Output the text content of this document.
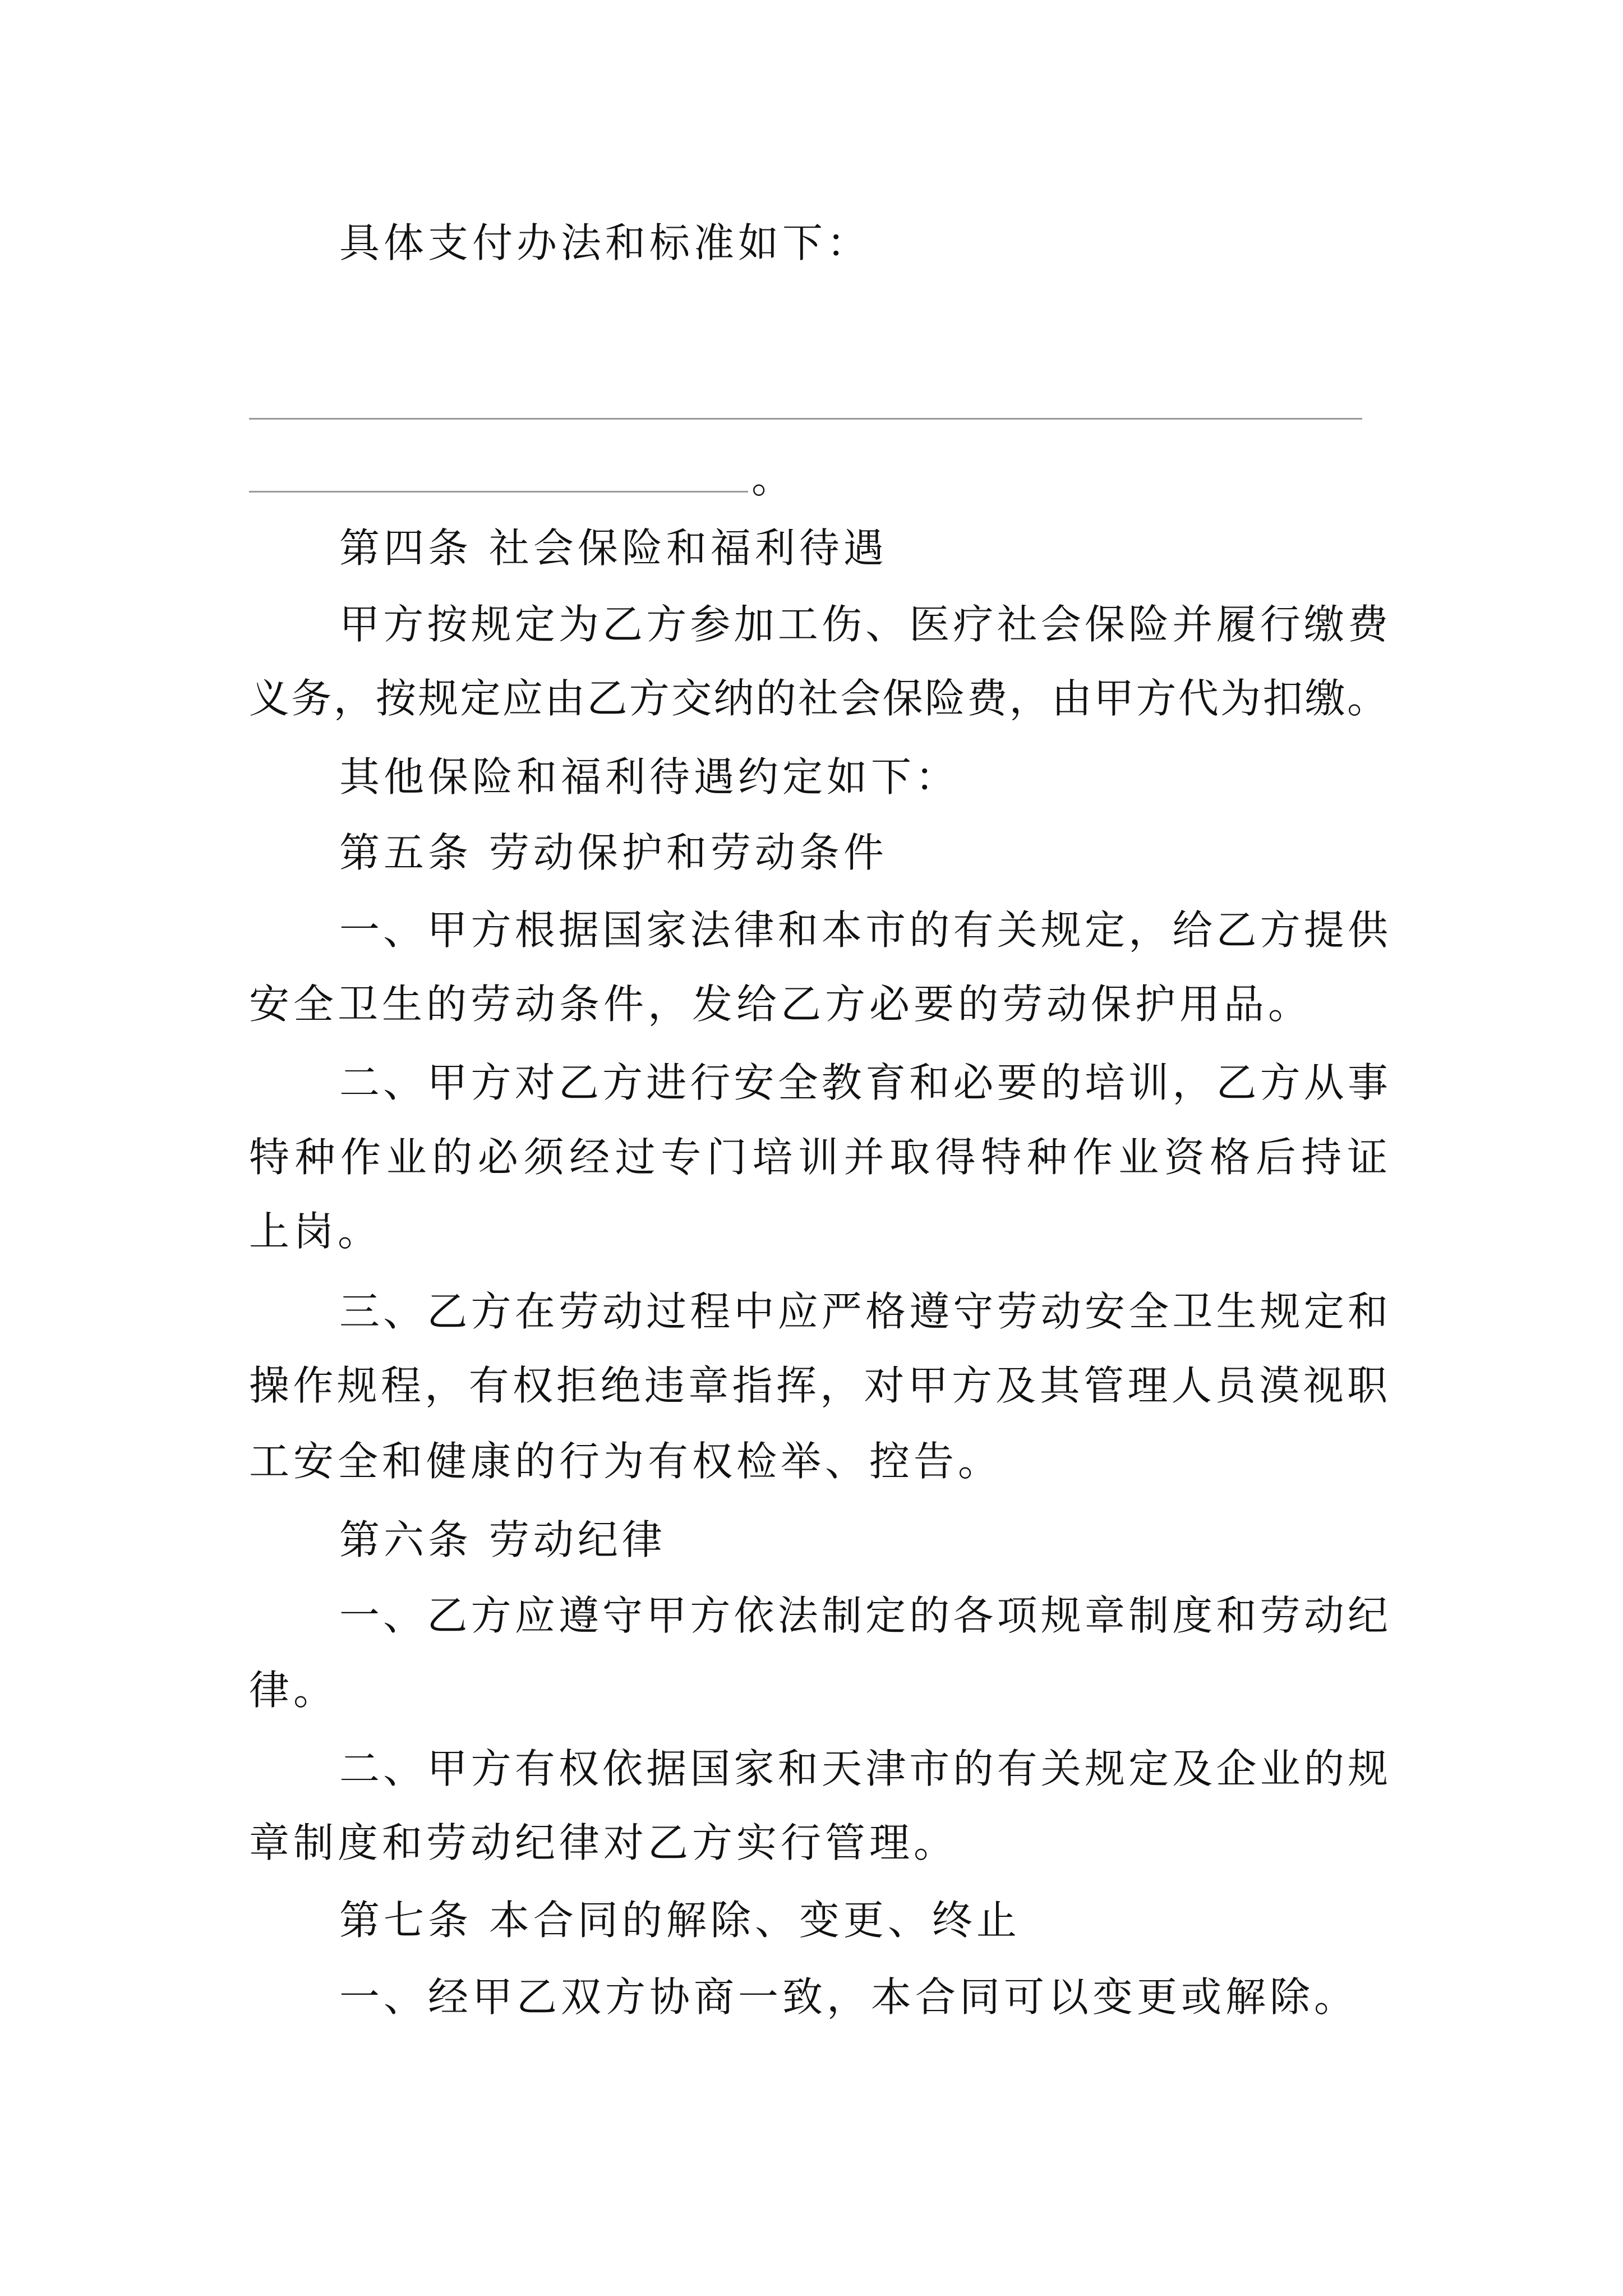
具体支付办法和标准如下：
。
第四条 社会保险和福利待遇
甲方按规定为乙方参加工伤、医疗社会保险并履行缴费
义务，按规定应由乙方交纳的社会保险费，由甲方代为扣缴。
其他保险和福利待遇约定如下：
第五条 劳动保护和劳动条件
一、甲方根据国家法律和本市的有关规定，给乙方提供
安全卫生的劳动条件，发给乙方必要的劳动保护用品。
二、甲方对乙方进行安全教育和必要的培训，乙方从事
特种作业的必须经过专门培训并取得特种作业资格后持证
上岗。
三、乙方在劳动过程中应严格遵守劳动安全卫生规定和
操作规程，有权拒绝违章指挥，对甲方及其管理人员漠视职
工安全和健康的行为有权检举、控告。
第六条 劳动纪律
一、乙方应遵守甲方依法制定的各项规章制度和劳动纪
律。
二、甲方有权依据国家和天津市的有关规定及企业的规
章制度和劳动纪律对乙方实行管理。
第七条 本合同的解除、变更、终止
一、经甲乙双方协商一致，本合同可以变更或解除。
